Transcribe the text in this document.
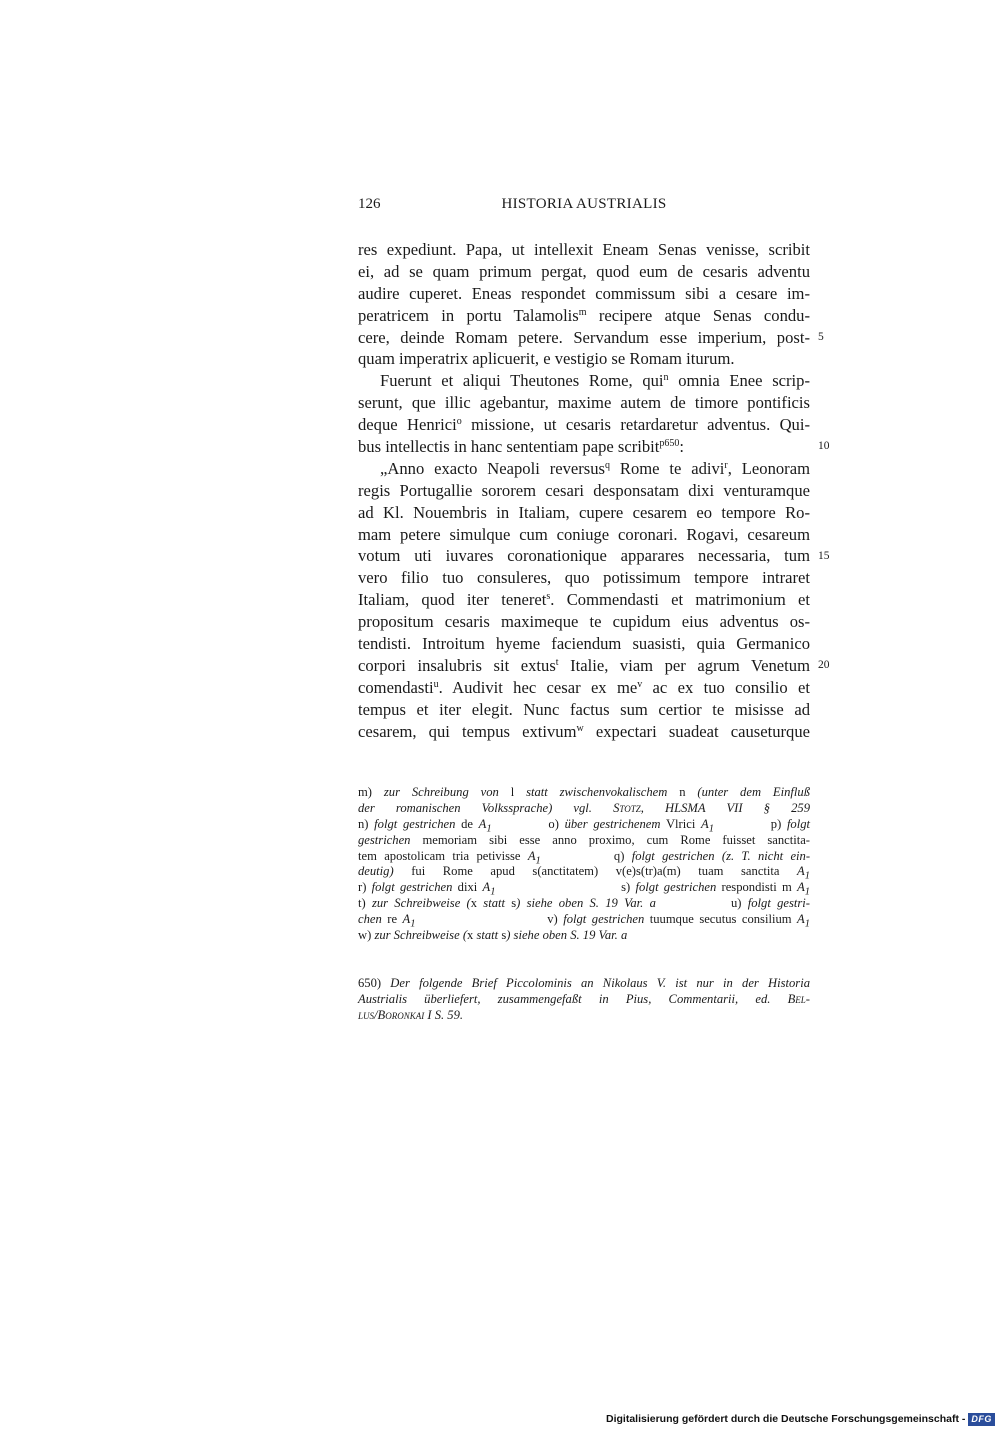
126	HISTORIA AUSTRIALIS
res expediunt. Papa, ut intellexit Eneam Senas venisse, scribit
ei, ad se quam primum pergat, quod eum de cesaris adventu
audire cuperet. Eneas respondet commissum sibi a cesare im-
peratricem in portu Talamolis$^m$ recipere atque Senas condu-
cere, deinde Romam petere. Servandum esse imperium, post-
quam imperatrix aplicuerit, e vestigio se Romam iturum.
Fuerunt et aliqui Theutones Rome, qui$^n$ omnia Enee scrip-
serunt, que illic agebantur, maxime autem de timore pontificis
deque Henrici$^o$ missione, ut cesaris retardaretur adventus. Qui-
bus intellectis in hanc sententiam pape scribit$^{p650}$:
„Anno exacto Neapoli reversus$^q$ Rome te adivi$^r$, Leonoram
regis Portugallie sororem cesari desponsatam dixi venturamque
ad Kl. Nouembris in Italiam, cupere cesarem eo tempore Ro-
mam petere simulque cum coniuge coronari. Rogavi, cesareum
votum uti iuvares coronationique apparares necessaria, tum
vero filio tuo consuleres, quo potissimum tempore intraret
Italiam, quod iter teneret$^s$. Commendasti et matrimonium et
propositum cesaris maximeque te cupidum eius adventus os-
tendisti. Introitum hyeme faciendum suasisti, quia Germanico
corpori insalubris sit extus$^t$ Italie, viam per agrum Venetum
comendasti$^u$. Audivit hec cesar ex $me^v$ ac ex tuo consilio et
tempus et iter elegit. Nunc factus sum certior te misisse ad
cesarem, qui tempus extivum$^w$ expectari suadeat causeturque
5
10
15
20
m) zur Schreibung von l statt zwischenvokalischem n (unter dem Einfluß
der romanischen Volkssprache) vgl. Stotz, HLSMA VII § 259
n) folgt gestrichen de $A_1$	o) über gestrichenem Vlrici $A_1$	p) folgt
gestrichen memoriam sibi esse anno proximo, cum Rome fuisset sanctita-
tem apostolicam tria petivisse $A_1$	q) folgt gestrichen (z. T. nicht ein-
deutig) fui Rome apud s(anctitatem) v(e)s(tr)a(m) tuam sanctita $A_1$
r) folgt gestrichen dixi $A_1$	s) folgt gestrichen respondisti m $A_1$
t) zur Schreibweise (x statt s) siehe oben S. 19 Var. a	u) folgt gestri-
chen re $A_1$	v) folgt gestrichen tuumque secutus consilium $A_1$
w) zur Schreibweise (x statt s) siehe oben S. 19 Var. a
650) Der folgende Brief Piccolominis an Nikolaus V. ist nur in der Historia
Austrialis überliefert, zusammengefaßt in Pius, Commentarii, ed. Bel-
lus/Boronkai I S. 59.
Digitalisierung gefördert durch die Deutsche Forschungsgemeinschaft - DFG
